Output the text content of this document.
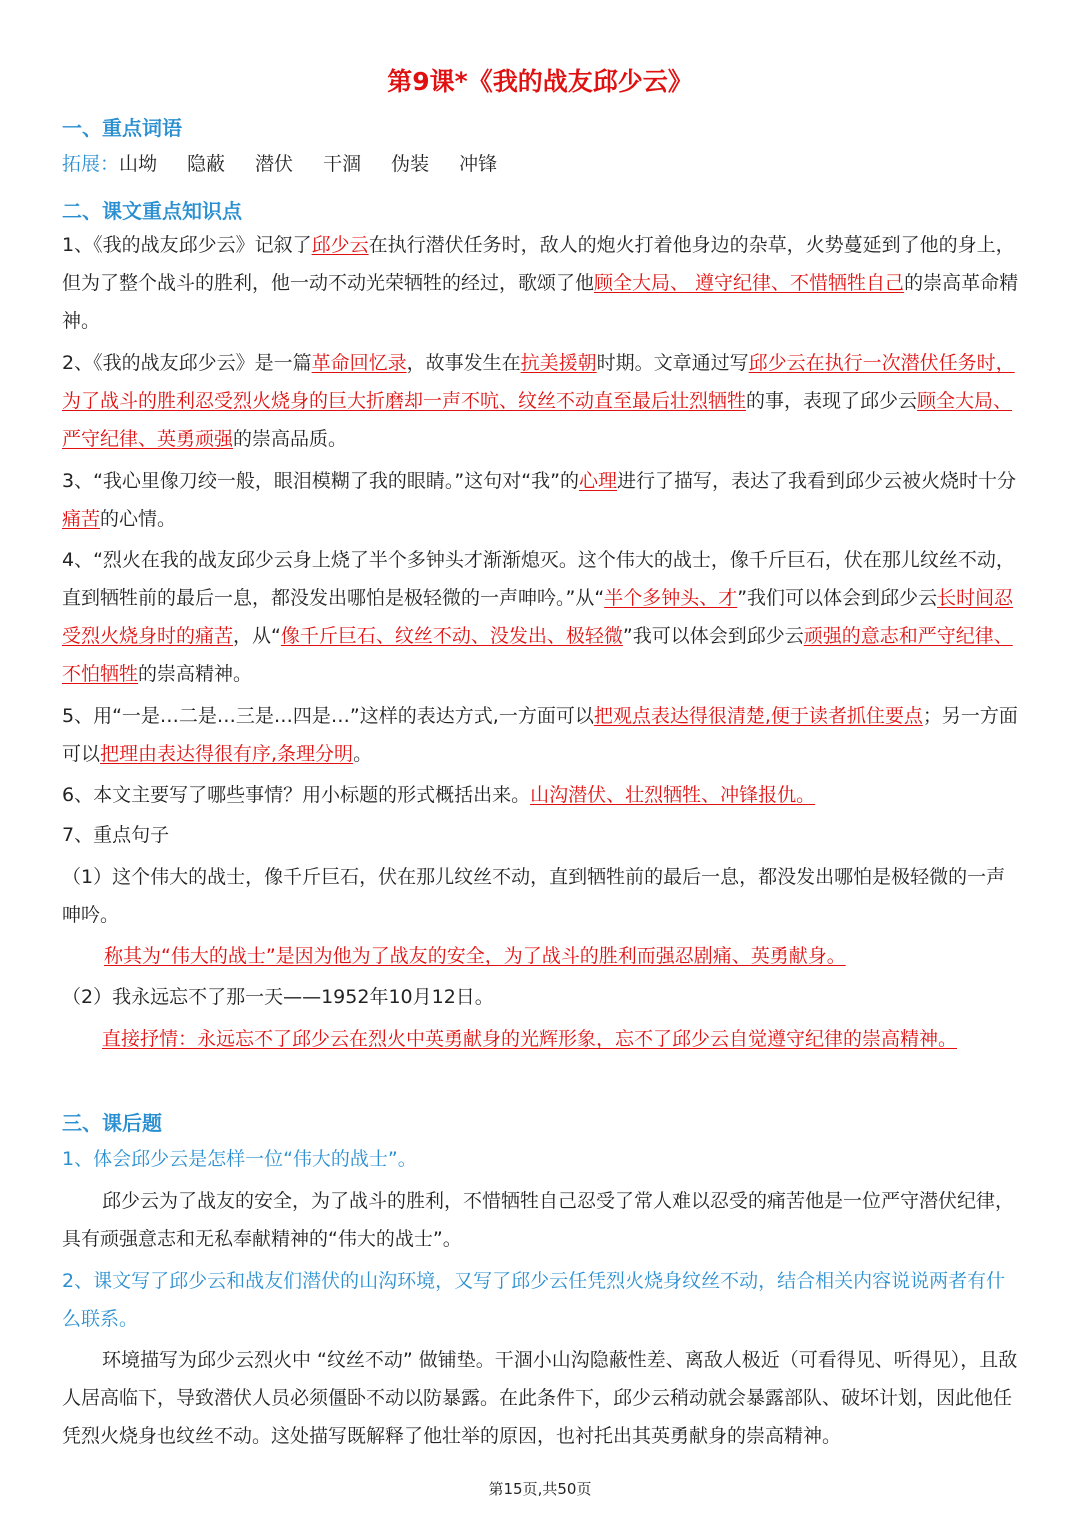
第9课*《我的战友邱少云》
一、重点词语
拓展：山坳 隐蔽 潜伏 干涸 伪装 冲锋
二、课文重点知识点

1、《我的战友邱少云》记叙了邱少云在执行潜伏任务时，敌人的炮火打着他身边的杂草，火势蔓延到了他的身上，但为了整个战斗的胜利，他一动不动光荣牺牲的经过，歌颂了他顾全大局、 遵守纪律、不惜牺牲自己的崇高革命精神。

2、《我的战友邱少云》是一篇革命回忆录，故事发生在抗美援朝时期。文章通过写邱少云在执行一次潜伏任务时，为了战斗的胜利忍受烈火烧身的巨大折磨却一声不吭、纹丝不动直至最后壮烈牺牲的事，表现了邱少云顾全大局、严守纪律、英勇顽强的崇高品质。

3、“我心里像刀绞一般，眼泪模糊了我的眼睛。”这句对“我”的心理进行了描写，表达了我看到邱少云被火烧时十分痛苦的心情。

4、“烈火在我的战友邱少云身上烧了半个多钟头才渐渐熄灭。这个伟大的战士，像千斤巨石，伏在那儿纹丝不动，直到牺牲前的最后一息，都没发出哪怕是极轻微的一声呻吟。”从“半个多钟头、才”我们可以体会到邱少云长时间忍受烈火烧身时的痛苦，从“像千斤巨石、纹丝不动、没发出、极轻微”我可以体会到邱少云顽强的意志和严守纪律、不怕牺牲的崇高精神。

5、用“一是…二是…三是…四是…”这样的表达方式,一方面可以把观点表达得很清楚,便于读者抓住要点；另一方面可以把理由表达得很有序,条理分明。

6、本文主要写了哪些事情？用小标题的形式概括出来。山沟潜伏、壮烈牺牲、冲锋报仇。

7、重点句子

（1）这个伟大的战士，像千斤巨石，伏在那儿纹丝不动，直到牺牲前的最后一息，都没发出哪怕是极轻微的一声呻吟。

称其为“伟大的战士”是因为他为了战友的安全，为了战斗的胜利而强忍剧痛、英勇献身。

（2）我永远忘不了那一天——1952年10月12日。

直接抒情：永远忘不了邱少云在烈火中英勇献身的光辉形象，忘不了邱少云自觉遵守纪律的崇高精神。

三、课后题

1、体会邱少云是怎样一位“伟大的战士”。

邱少云为了战友的安全，为了战斗的胜利，不惜牺牲自己忍受了常人难以忍受的痛苦他是一位严守潜伏纪律，具有顽强意志和无私奉献精神的“伟大的战士”。

2、课文写了邱少云和战友们潜伏的山沟环境，又写了邱少云任凭烈火烧身纹丝不动，结合相关内容说说两者有什么联系。

环境描写为邱少云烈火中 “纹丝不动” 做铺垫。干涸小山沟隐蔽性差、离敌人极近（可看得见、听得见），且敌人居高临下，导致潜伏人员必须僵卧不动以防暴露。在此条件下，邱少云稍动就会暴露部队、破坏计划，因此他任凭烈火烧身也纹丝不动。这处描写既解释了他壮举的原因，也衬托出其英勇献身的崇高精神。

第15页,共50页
